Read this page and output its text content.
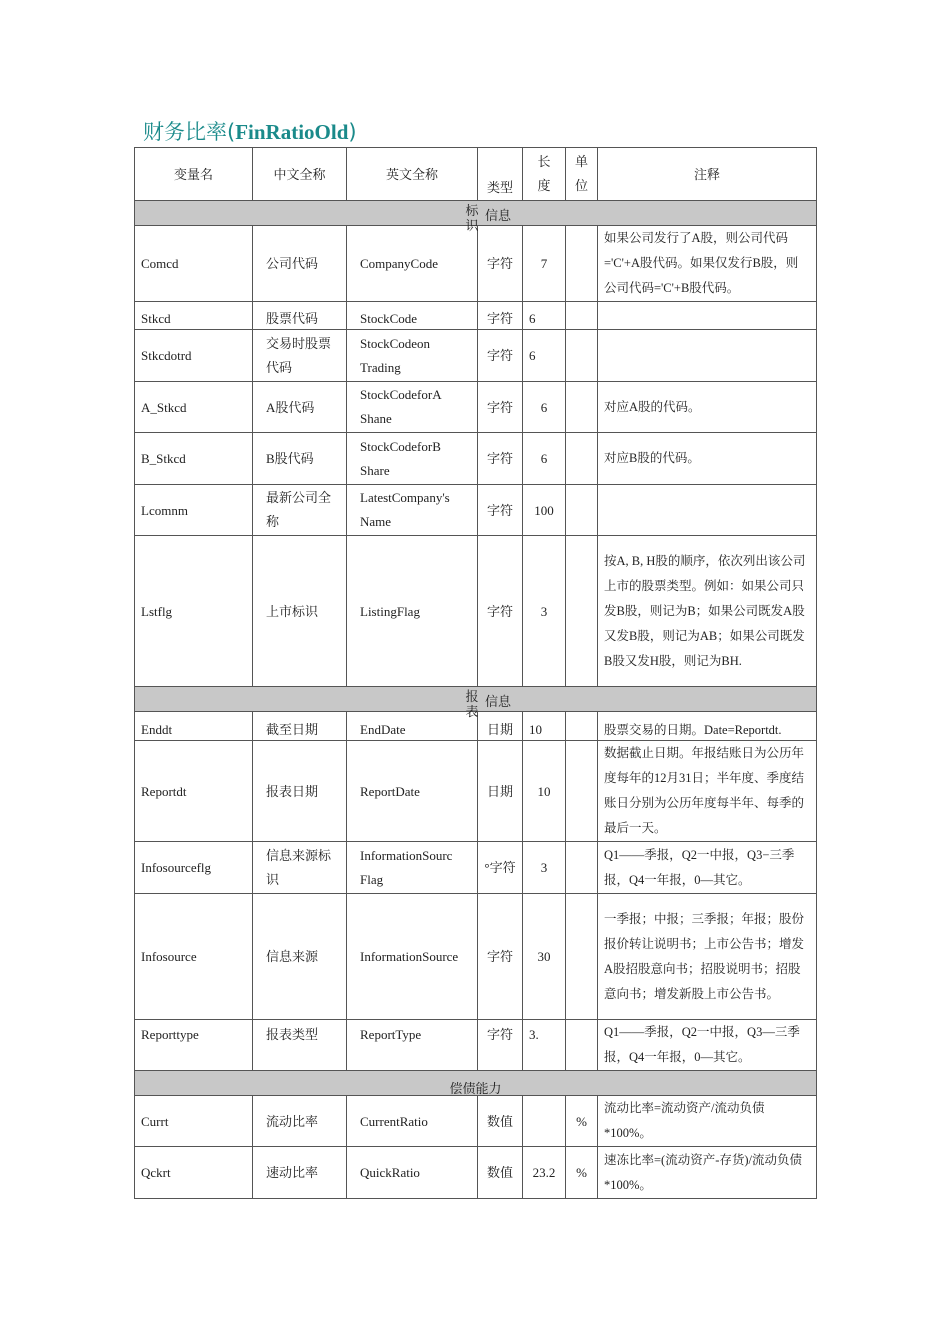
财务比率(FinRatioOld)
变量名	中文全称	英文全称	类型	长度	单位	注释

标识
信息						

Comcd	公司代码	CompanyCode	字符	7		如果公司发行了A股，则公司代码='C'+A股代码。如果仅发行B股，则公司代码='C'+B股代码。
Stkcd	股票代码	StockCode	字符	6		
Stkcdotrd	交易时股票代码	StockCodeon Trading	字符	6		
A_Stkcd	A股代码	StockCodeforA Shane	字符	6		对应A股的代码。
B_Stkcd	B股代码	StockCodeforB Share	字符	6		对应B股的代码。
Lcomnm	最新公司全称	LatestCompany's Name	字符	100		
Lstflg	上市标识	ListingFlag	字符	3		按A, B, H股的顺序，依次列出该公司上市的股票类型。例如：如果公司只发B股，则记为B；如果公司既发A股又发B股，则记为AB；如果公司既发B股又发H股，则记为BH.

报表
信息						

Enddt	截至日期	EndDate	日期	10		股票交易的日期。Date=Reportdt.
Reportdt	报表日期	ReportDate	日期	10		数据截止日期。年报结账日为公历年度每年的12月31日；半年度、季度结账日分别为公历年度每半年、每季的最后一天。
Infosourceflg	信息来源标识	InformationSourc Flag	°字符	3		Q1——季报，Q2一中报，Q3−三季报，Q4一年报，0—其它。
Infosource	信息来源	InformationSource	字符	30		一季报；中报；三季报；年报；股份报价转让说明书；上市公告书；增发A股招股意向书；招股说明书；招股意向书；增发新股上市公告书。
Reporttype	报表类型	ReportType	字符	3.		Q1——季报，Q2一中报，Q3—三季报，Q4一年报，0—其它。

偿债能力						

Currt	流动比率	CurrentRatio	数值		%	流动比率=流动资产/流动负债*100%。
Qckrt	速动比率	QuickRatio	数值	23.2	%	速冻比率=(流动资产-存货)/流动负债*100%。
